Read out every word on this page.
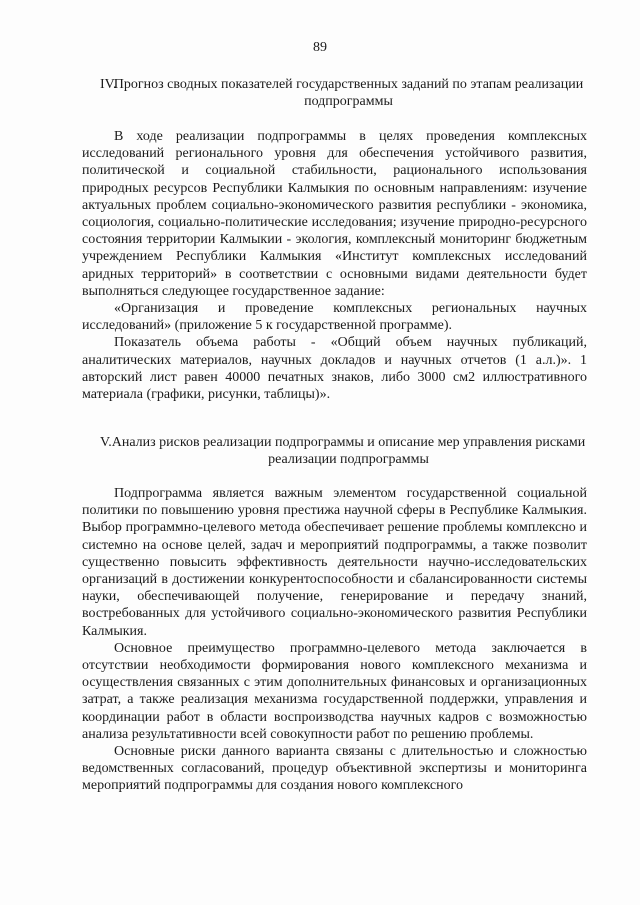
89
IV.
Прогноз сводных показателей государственных заданий по этапам реализации подпрограммы

В ходе реализации подпрограммы в целях проведения комплексных исследований регионального уровня для обеспечения устойчивого развития, политической и социальной стабильности, рационального использования природных ресурсов Республики Калмыкия по основным направлениям: изучение актуальных проблем социально-экономического развития республики - экономика, социология, социально-политические исследования; изучение природно-ресурсного состояния территории Калмыкии - экология, комплексный мониторинг бюджетным учреждением Республики Калмыкия «Институт комплексных исследований аридных территорий» в соответствии с основными видами деятельности будет выполняться следующее государственное задание:

«Организация и проведение комплексных региональных научных исследований» (приложение 5 к государственной программе).

Показатель объема работы - «Общий объем научных публикаций, аналитических материалов, научных докладов и научных отчетов (1 а.л.)». 1 авторский лист равен 40000 печатных знаков, либо 3000 см2 иллюстративного материала (графики, рисунки, таблицы)».

V. Анализ рисков реализации подпрограммы и описание мер управления рисками реализации подпрограммы

Подпрограмма является важным элементом государственной социальной политики по повышению уровня престижа научной сферы в Республике Калмыкия. Выбор программно-целевого метода обеспечивает решение проблемы комплексно и системно на основе целей, задач и мероприятий подпрограммы, а также позволит существенно повысить эффективность деятельности научно-исследовательских организаций в достижении конкурентоспособности и сбалансированности системы науки, обеспечивающей получение, генерирование и передачу знаний, востребованных для устойчивого социально-экономического развития Республики Калмыкия.

Основное преимущество программно-целевого метода заключается в отсутствии необходимости формирования нового комплексного механизма и осуществления связанных с этим дополнительных финансовых и организационных затрат, а также реализация механизма государственной поддержки, управления и координации работ в области воспроизводства научных кадров с возможностью анализа результативности всей совокупности работ по решению проблемы.

Основные риски данного варианта связаны с длительностью и сложностью ведомственных согласований, процедур объективной экспертизы и мониторинга мероприятий подпрограммы для создания нового комплексного
